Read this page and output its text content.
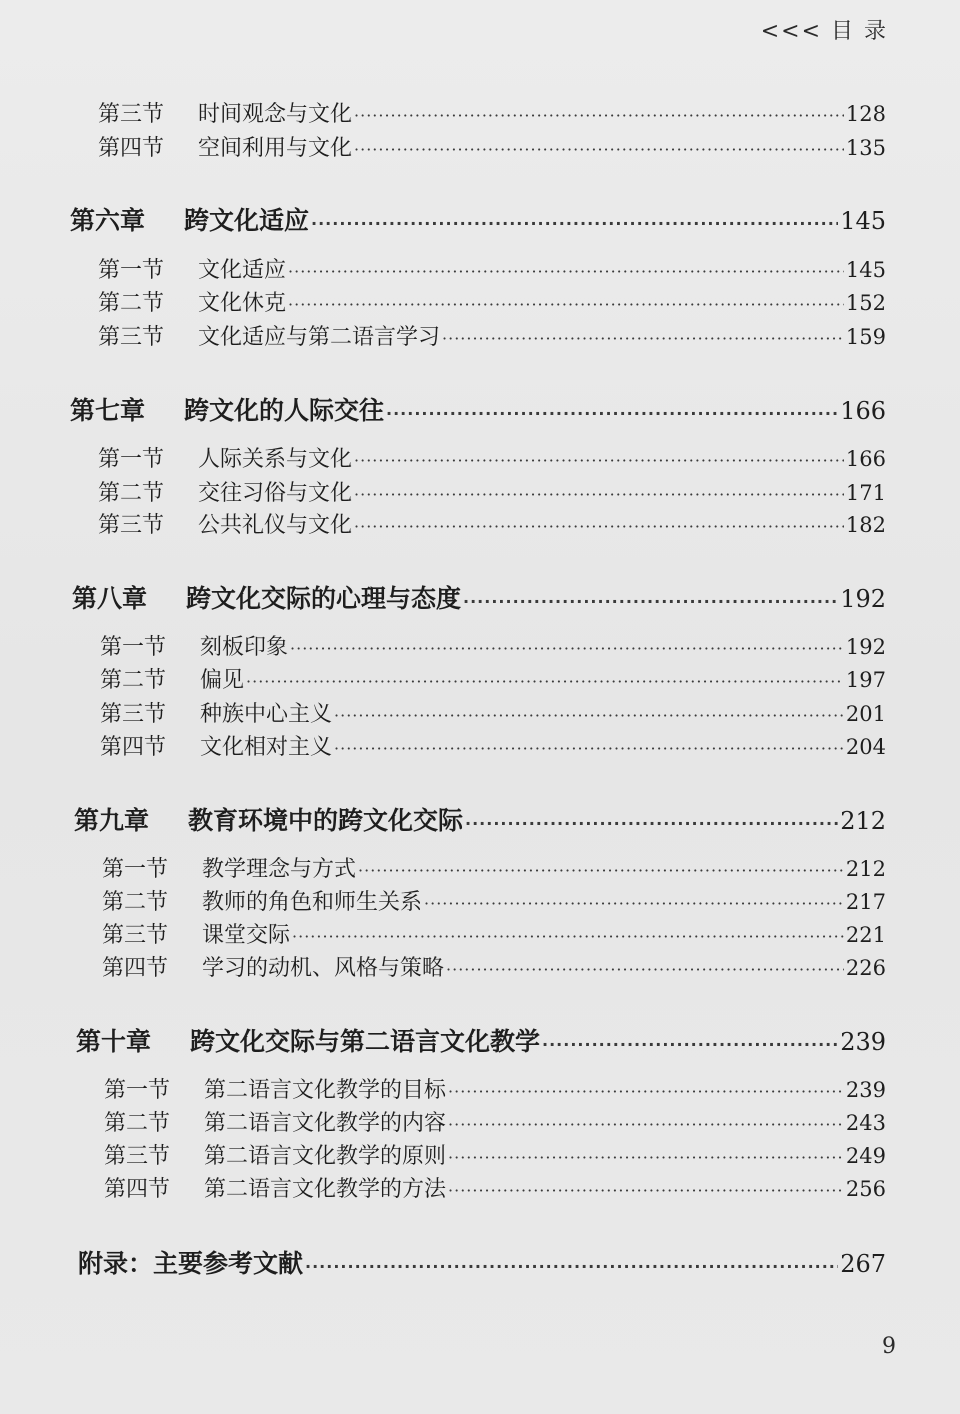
<<< 目 录
第三节	时间观念与文化 ·····	128
第四节	空间利用与文化 ·····	135
第六章	跨文化适应 ·····	145
第一节	文化适应 ·····	145
第二节	文化休克 ·····	152
第三节	文化适应与第二语言学习 ·····	159
第七章	跨文化的人际交往 ·····	166
第一节	人际关系与文化 ·····	166
第二节	交往习俗与文化 ·····	171
第三节	公共礼仪与文化 ·····	182
第八章	跨文化交际的心理与态度 ·····	192
第一节	刻板印象 ·····	192
第二节	偏见 ·····	197
第三节	种族中心主义 ·····	201
第四节	文化相对主义 ·····	204
第九章	教育环境中的跨文化交际 ·····	212
第一节	教学理念与方式 ·····	212
第二节	教师的角色和师生关系 ·····	217
第三节	课堂交际 ·····	221
第四节	学习的动机、风格与策略 ·····	226
第十章	跨文化交际与第二语言文化教学 ·····	239
第一节	第二语言文化教学的目标 ·····	239
第二节	第二语言文化教学的内容 ·····	243
第三节	第二语言文化教学的原则 ·····	249
第四节	第二语言文化教学的方法 ·····	256
附录：主要参考文献 ·····	267
9
